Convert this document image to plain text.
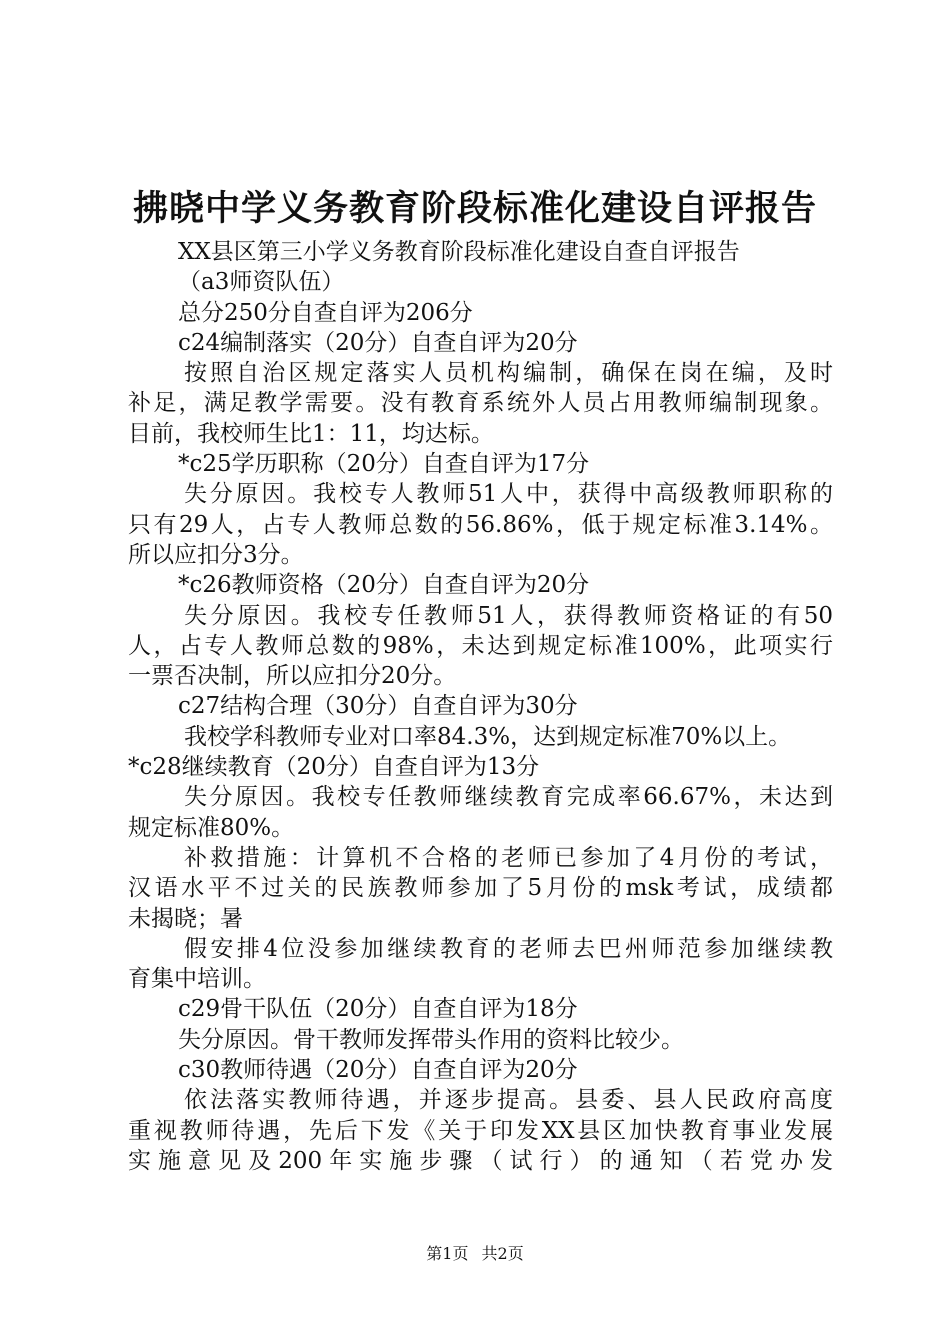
拂晓中学义务教育阶段标准化建设自评报告
XX县区第三小学义务教育阶段标准化建设自查自评报告
（a3师资队伍）
总分250分自查自评为206分
c24编制落实（20分）自查自评为20分
按照自治区规定落实人员机构编制，确保在岗在编，及时
补足，满足教学需要。没有教育系统外人员占用教师编制现象。
目前，我校师生比1：11，均达标。
*c25学历职称（20分）自查自评为17分
失分原因。我校专人教师51人中，获得中高级教师职称的
只有29人，占专人教师总数的56.86%，低于规定标准3.14%。
所以应扣分3分。
*c26教师资格（20分）自查自评为20分
失分原因。我校专任教师51人，获得教师资格证的有50
人，占专人教师总数的98%，未达到规定标准100%，此项实行
一票否决制，所以应扣分20分。
c27结构合理（30分）自查自评为30分
我校学科教师专业对口率84.3%，达到规定标准70%以上。
*c28继续教育（20分）自查自评为13分
失分原因。我校专任教师继续教育完成率66.67%，未达到
规定标准80%。
补救措施：计算机不合格的老师已参加了4月份的考试，
汉语水平不过关的民族教师参加了5月份的msk考试，成绩都
未揭晓；暑
假安排4位没参加继续教育的老师去巴州师范参加继续教
育集中培训。
c29骨干队伍（20分）自查自评为18分
失分原因。骨干教师发挥带头作用的资料比较少。
c30教师待遇（20分）自查自评为20分
依法落实教师待遇，并逐步提高。县委、县人民政府高度
重视教师待遇，先后下发《关于印发XX县区加快教育事业发展
实施意见及200年实施步骤（试行）的通知（若党办发
第1页 共2页
